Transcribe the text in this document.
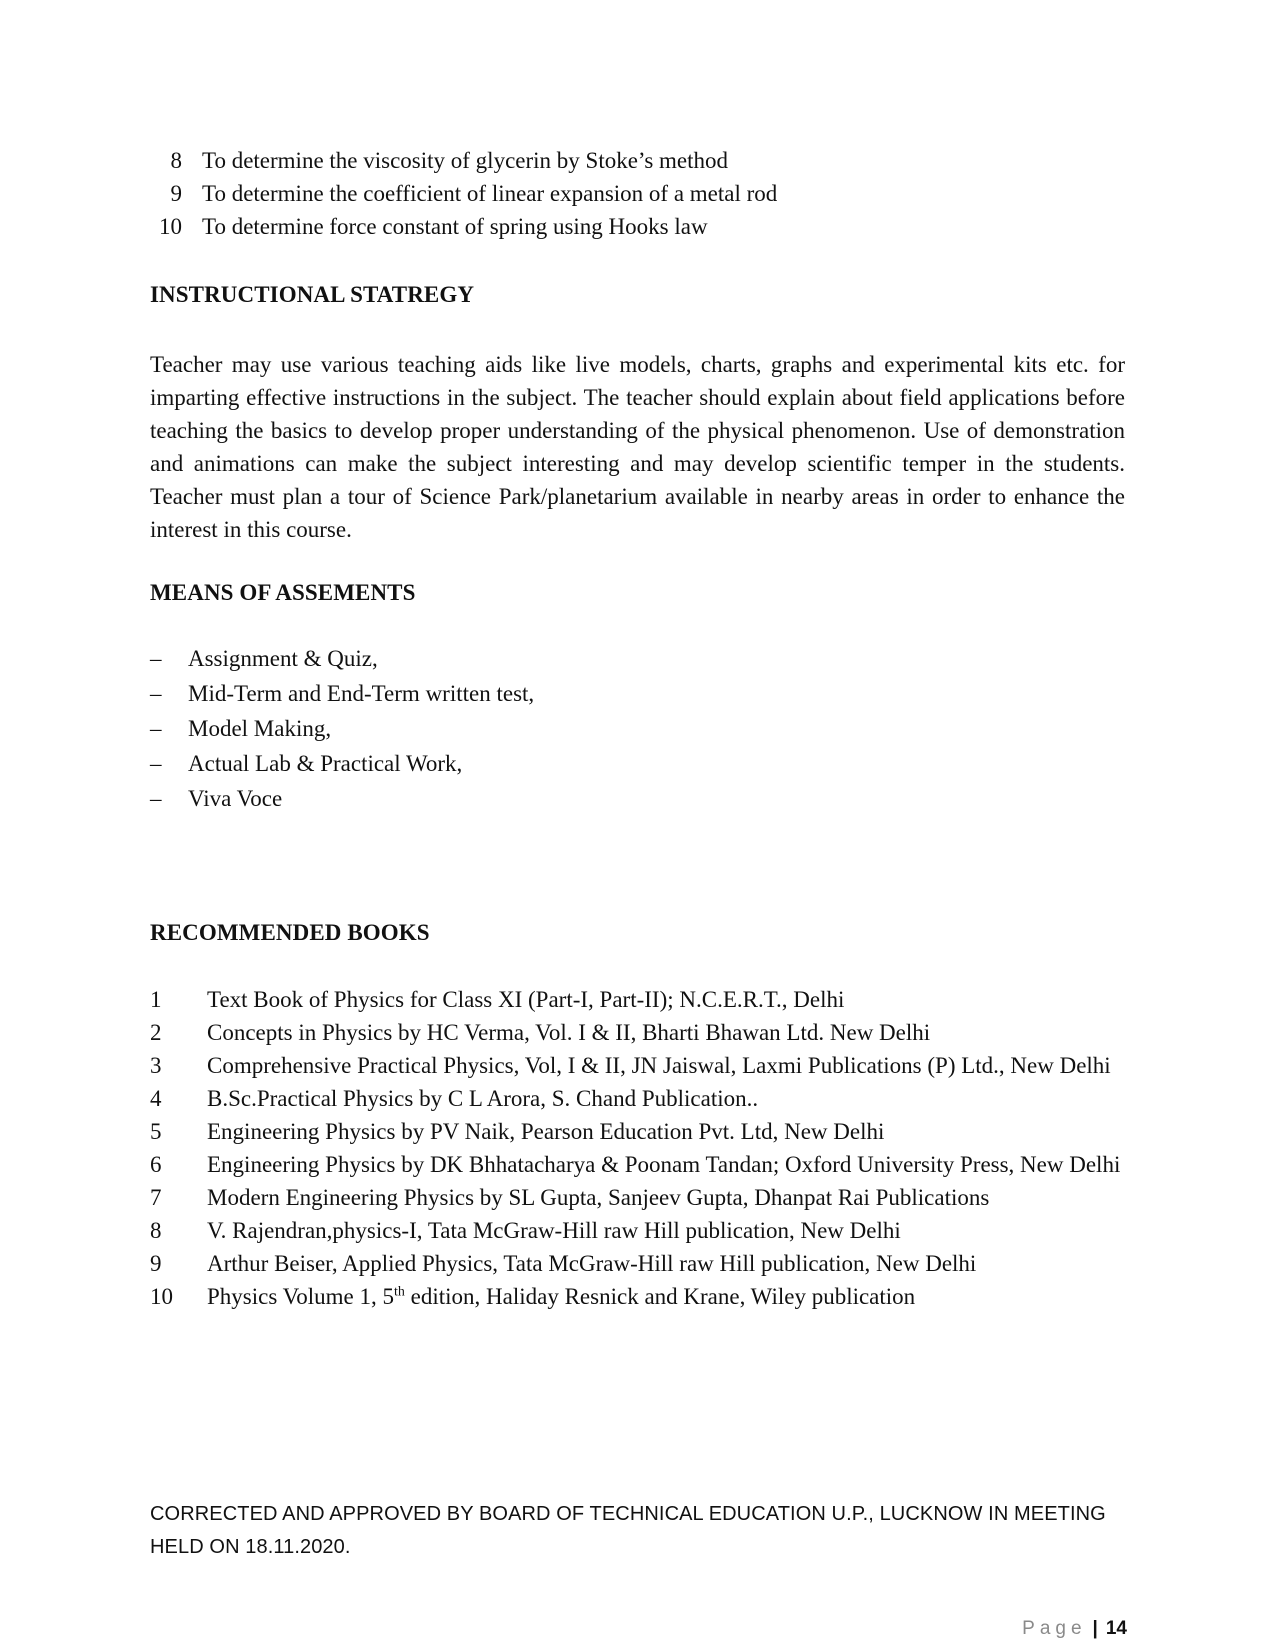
8 To determine the viscosity of glycerin by Stoke’s method
9 To determine the coefficient of linear expansion of a metal rod
10 To determine force constant of spring using Hooks law
INSTRUCTIONAL STATREGY
Teacher may use various teaching aids like live models, charts, graphs and experimental kits etc. for imparting effective instructions in the subject. The teacher should explain about field applications before teaching the basics to develop proper understanding of the physical phenomenon. Use of demonstration and animations can make the subject interesting and may develop scientific temper in the students. Teacher must plan a tour of Science Park/planetarium available in nearby areas in order to enhance the interest in this course.
MEANS OF ASSEMENTS
–	Assignment & Quiz,
–	Mid-Term and End-Term written test,
–	Model Making,
–	Actual Lab & Practical Work,
–	Viva Voce
RECOMMENDED BOOKS
1	Text Book of Physics for Class XI (Part-I, Part-II); N.C.E.R.T., Delhi
2	Concepts in Physics by HC Verma, Vol. I & II, Bharti Bhawan Ltd. New Delhi
3	Comprehensive Practical Physics, Vol, I & II, JN Jaiswal, Laxmi Publications (P) Ltd., New Delhi
4	B.Sc.Practical Physics by C L Arora, S. Chand Publication..
5	Engineering Physics by PV Naik, Pearson Education Pvt. Ltd, New Delhi
6	Engineering Physics by DK Bhhatacharya & Poonam Tandan; Oxford University Press, New Delhi
7	Modern Engineering Physics by SL Gupta, Sanjeev Gupta, Dhanpat Rai Publications
8	V. Rajendran,physics-I, Tata McGraw-Hill raw Hill publication, New Delhi
9	Arthur Beiser, Applied Physics, Tata McGraw-Hill raw Hill publication, New Delhi
10	Physics Volume 1, 5th edition, Haliday Resnick and Krane, Wiley publication
CORRECTED AND APPROVED BY BOARD OF TECHNICAL EDUCATION U.P., LUCKNOW IN MEETING
HELD ON 18.11.2020.
Page | 14
